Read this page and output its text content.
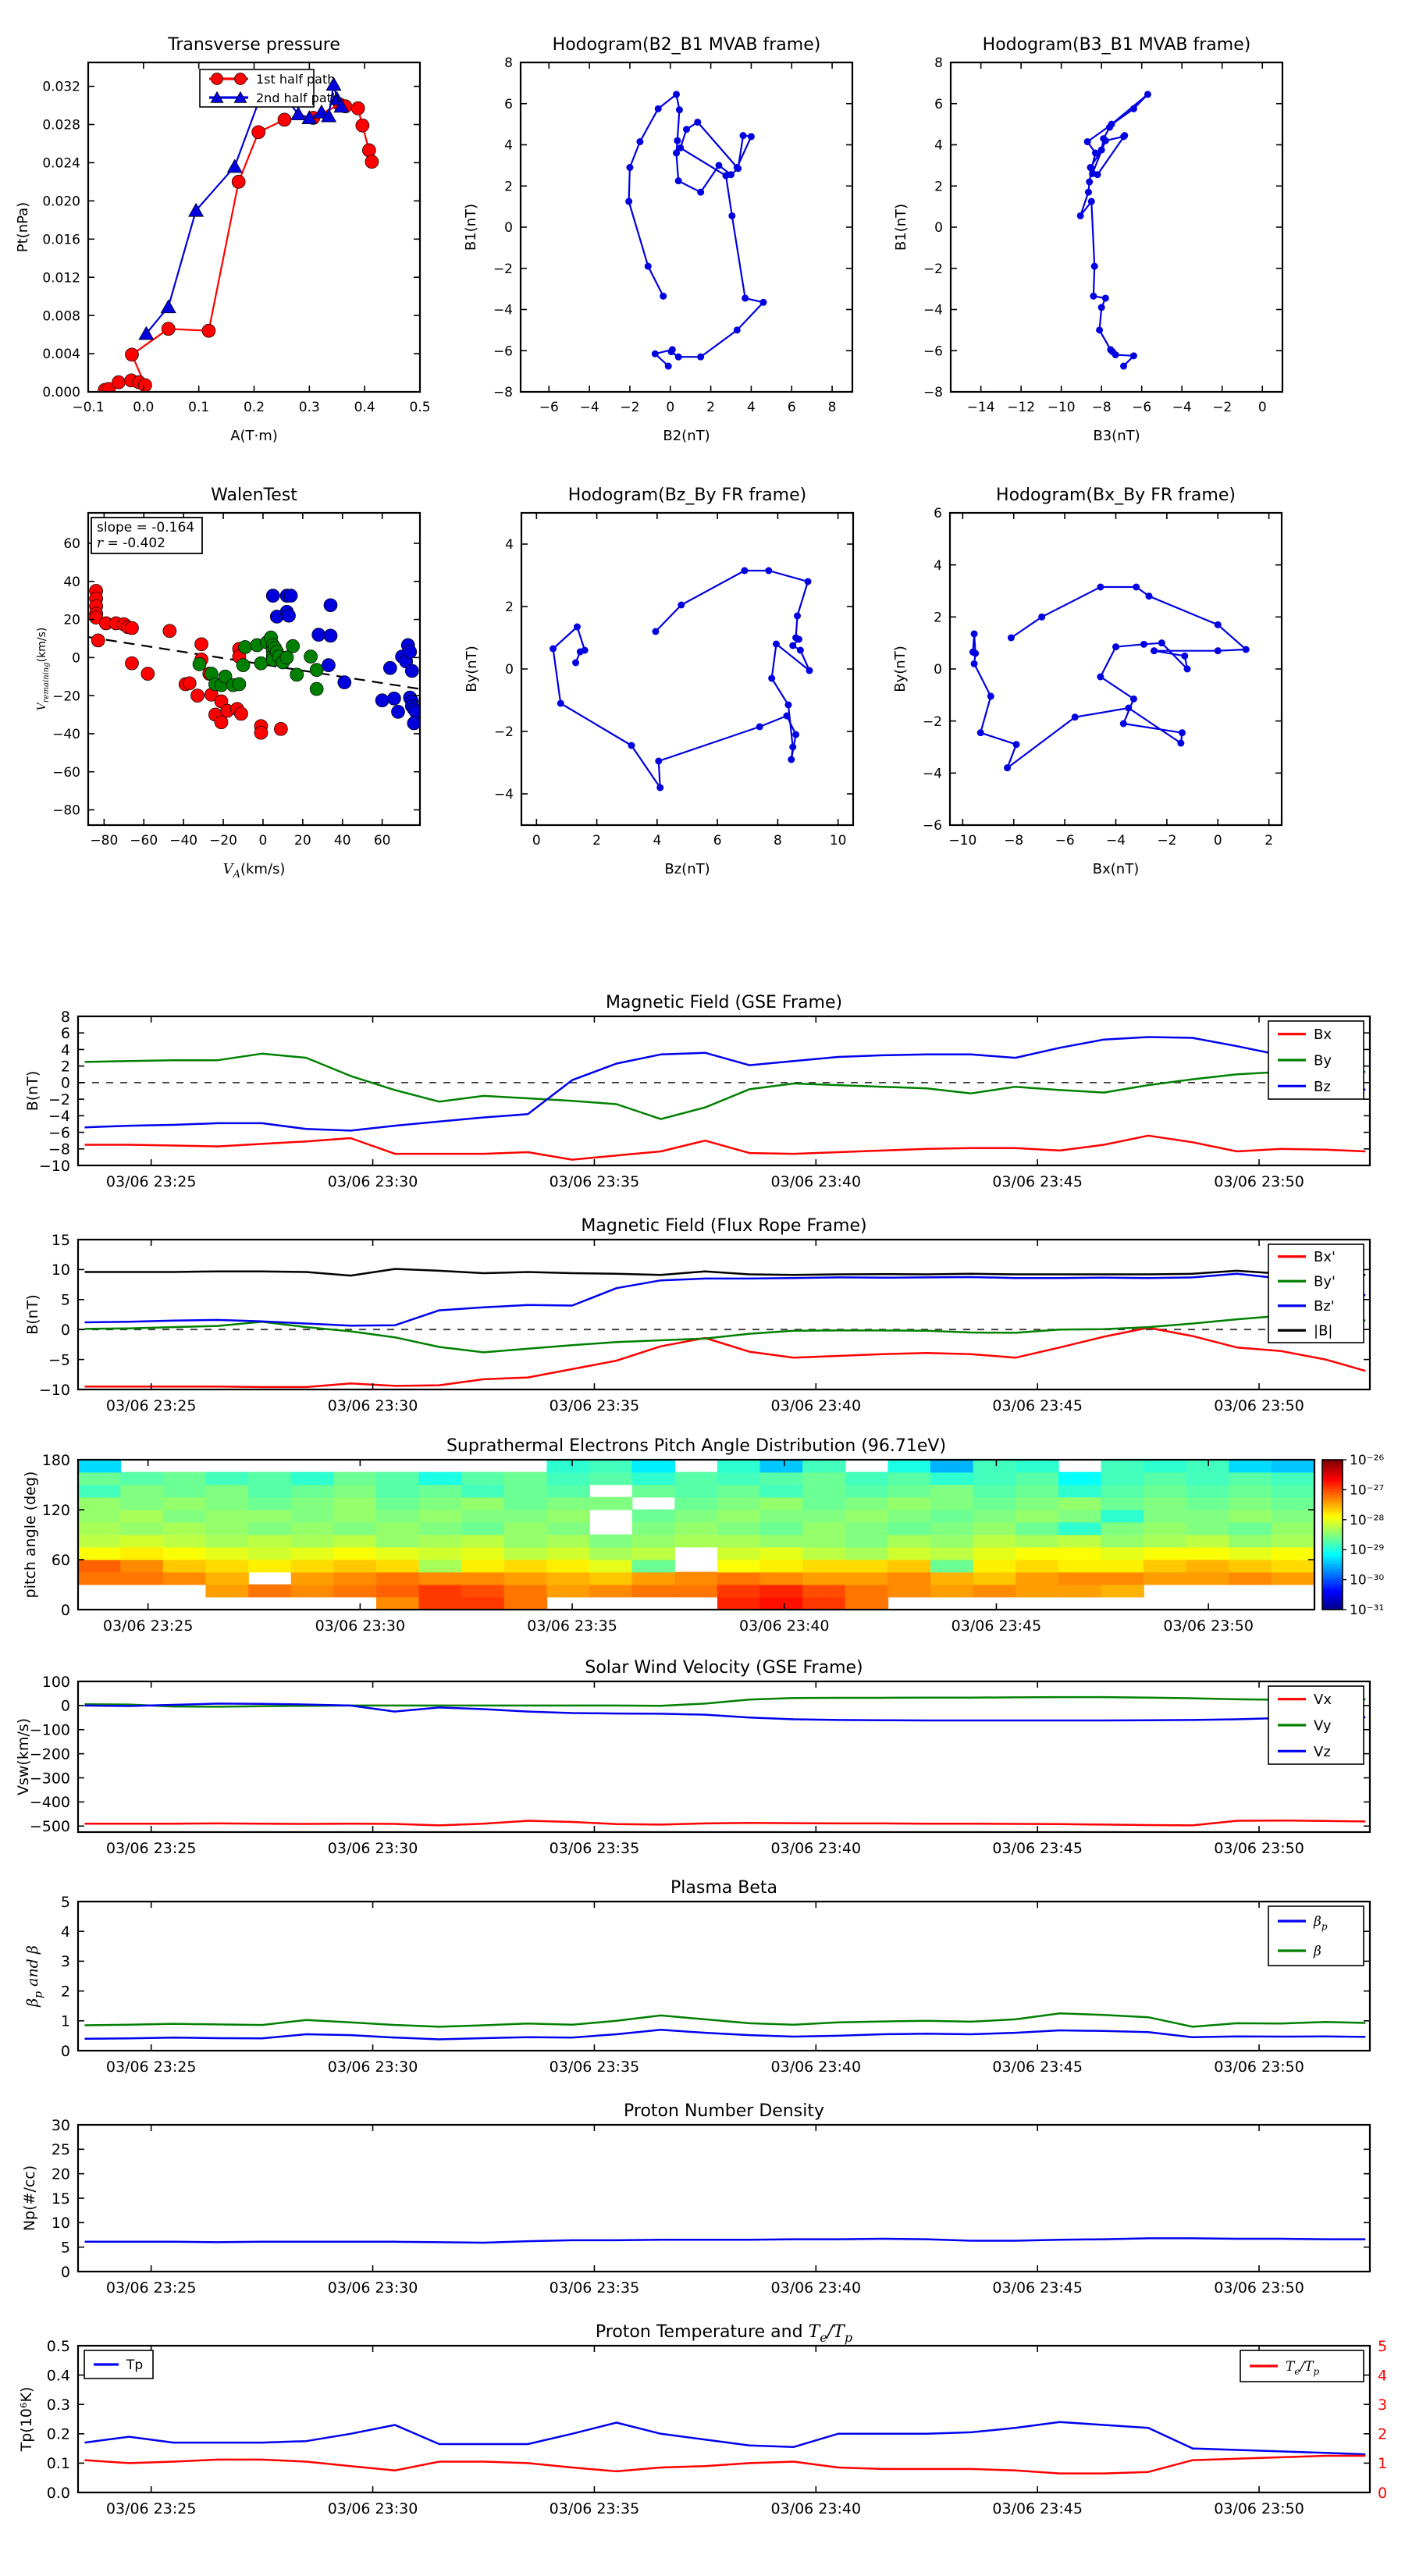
−0.1 0.0	0.1	0.2	0.3	0.4	0.5
0.000
0.004
0.008
0.012
0.016
0.020
0.024
0.028
0.032
A(T·m)
Pt(nPa)
Transverse pressure
1st half path
2nd half path
−6 −4 −2 0 2 4 6 8
−8
−6
−4
−2
0
2
4
6
8
B2(nT)
B1(nT)
Hodogram(B2_B1 MVAB frame)
−14 −12 −10 −8 −6 −4 −2 0
−8
−6
−4
−2
0
2
4
6
8
B3(nT)
B1(nT)
Hodogram(B3_B1 MVAB frame)
−80 −60 −40 −20 0 20 40 60
−80
−60
−40
−20
0
20
40
60
$V_A(km/s)$
$V_{remaining}(km/s)$
WalenTest
slope = -0.164
r = -0.402
0	2	4	6	8	10
−4
−2
0
2
4
Bz(nT)
By(nT)
Hodogram(Bz_By FR frame)
−10 −8 −6 −4 −2	0	2
−6
−4
−2
0
2
4
6
Bx(nT)
By(nT)
Hodogram(Bx_By FR frame)
03/06 23:25	03/06 23:30	03/06 23:35	03/06 23:40	03/06 23:45	03/06 23:50
−10
−8
−6
−4
−2
0
2
4
6
8
B(nT)
Magnetic Field (GSE Frame)
Bx
By
Bz
03/06 23:25	03/06 23:30	03/06 23:35	03/06 23:40	03/06 23:45	03/06 23:50
−10
−5
0
5
10
15
B(nT)
Magnetic Field (Flux Rope Frame)
Bx'
By'
Bz'
|B|
03/06 23:25	03/06 23:30	03/06 23:35	03/06 23:40	03/06 23:45	03/06 23:50
0
60
120
180
pitch angle (deg)
Suprathermal Electrons Pitch Angle Distribution (96.71eV)
10⁻²⁶
10⁻²⁷
10⁻²⁸
10⁻²⁹
10⁻³⁰
10⁻³¹
03/06 23:25	03/06 23:30	03/06 23:35	03/06 23:40	03/06 23:45	03/06 23:50
100
0
−100
−200
−300
−400
−500
Vsw(km/s)
Solar Wind Velocity (GSE Frame)
Vx
Vy
Vz
03/06 23:25	03/06 23:30	03/06 23:35	03/06 23:40	03/06 23:45	03/06 23:50
0
1
2
3
4
5
$\beta_p$ and β
Plasma Beta
$\beta_p$
β
03/06 23:25	03/06 23:30	03/06 23:35	03/06 23:40	03/06 23:45	03/06 23:50
0
5
10
15
20
25
30
Np(#/cc)
Proton Number Density
03/06 23:25	03/06 23:30	03/06 23:35	03/06 23:40	03/06 23:45	03/06 23:50
0.0
0.1
0.2
0.3
0.4
0.5
0
1
2
3
4
5
Tp(10⁶K)
Proton Temperature and $T_e/T_p$
Tp	$T_e/T_p$
